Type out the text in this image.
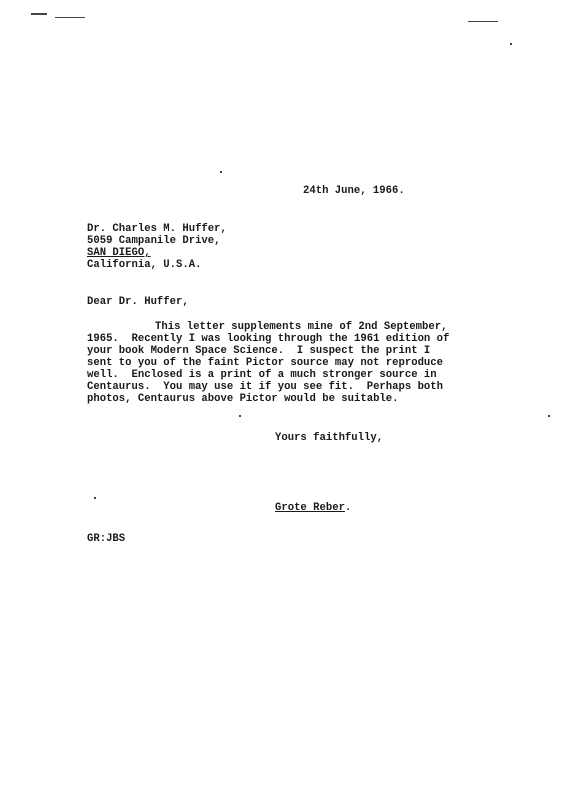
24th June, 1966.
Dr. Charles M. Huffer,
5059 Campanile Drive,
SAN DIEGO,
California, U.S.A.
Dear Dr. Huffer,
This letter supplements mine of 2nd September,
1965.  Recently I was looking through the 1961 edition of
your book Modern Space Science.  I suspect the print I
sent to you of the faint Pictor source may not reproduce
well.  Enclosed is a print of a much stronger source in
Centaurus.  You may use it if you see fit.  Perhaps both
photos, Centaurus above Pictor would be suitable.
Yours faithfully,
Grote Reber.
GR:JBS
